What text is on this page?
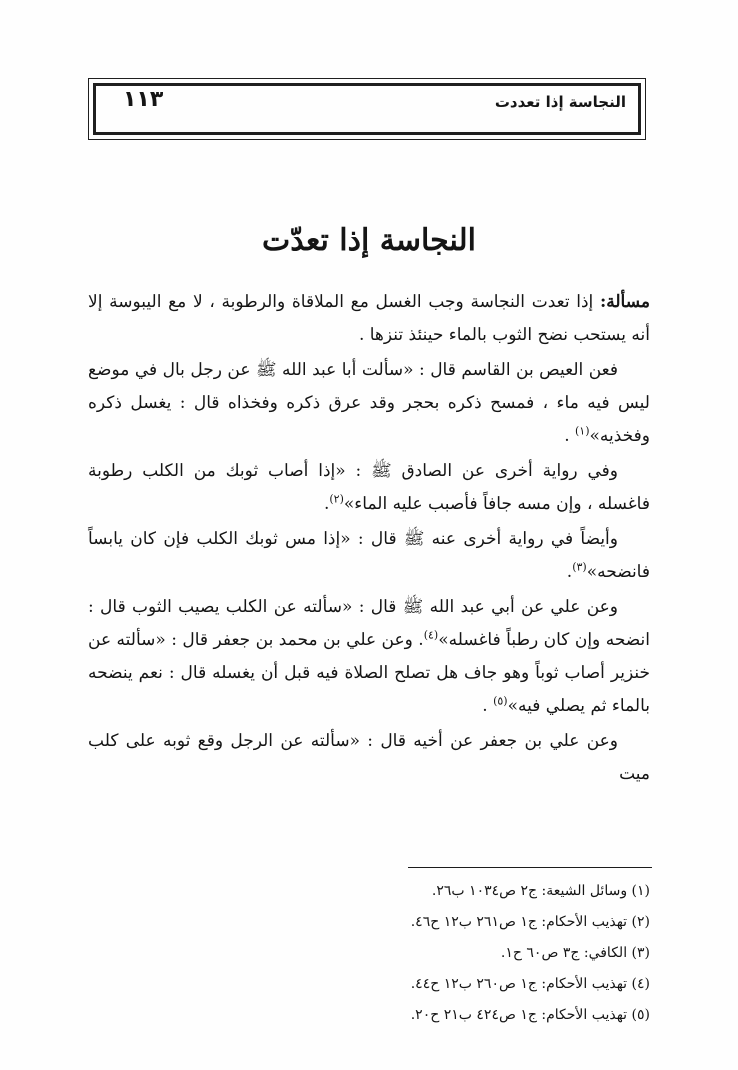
النجاسة إذا تعددت
١١٣
النجاسة إذا تعدّت

مسألة: إذا تعدت النجاسة وجب الغسل مع الملاقاة والرطوبة ، لا مع اليبوسة إلا أنه يستحب نضح الثوب بالماء حينئذ تنزها .

فعن العيص بن القاسم قال : «سألت أبا عبد الله ﷺ عن رجل بال في موضع ليس فيه ماء ، فمسح ذكره بحجر وقد عرق ذكره وفخذاه قال : يغسل ذكره وفخذيه»$^{(١)}$ .

وفي رواية أخرى عن الصادق ﷺ : «إذا أصاب ثوبك من الكلب رطوبة فاغسله ، وإن مسه جافاً فأصبب عليه الماء»$^{(٢)}$.

وأيضاً في رواية أخرى عنه ﷺ قال : «إذا مس ثوبك الكلب فإن كان يابساً فانضحه»$^{(٣)}$.

وعن علي عن أبي عبد الله ﷺ قال : «سألته عن الكلب يصيب الثوب قال : انضحه وإن كان رطباً فاغسله»$^{(٤)}$. وعن علي بن محمد بن جعفر قال : «سألته عن خنزير أصاب ثوباً وهو جاف هل تصلح الصلاة فيه قبل أن يغسله قال : نعم ينضحه بالماء ثم يصلي فيه»$^{(٥)}$ .

وعن علي بن جعفر عن أخيه قال : «سألته عن الرجل وقع ثوبه على كلب ميت

(١) وسائل الشيعة: ج٢ ص١٠٣٤ ب٢٦.

(٢) تهذيب الأحكام: ج١ ص٢٦١ ب١٢ ح٤٦.

(٣) الكافي: ج٣ ص٦٠ ح١.

(٤) تهذيب الأحكام: ج١ ص٢٦٠ ب١٢ ح٤٤.

(٥) تهذيب الأحكام: ج١ ص٤٢٤ ب٢١ ح٢٠.
